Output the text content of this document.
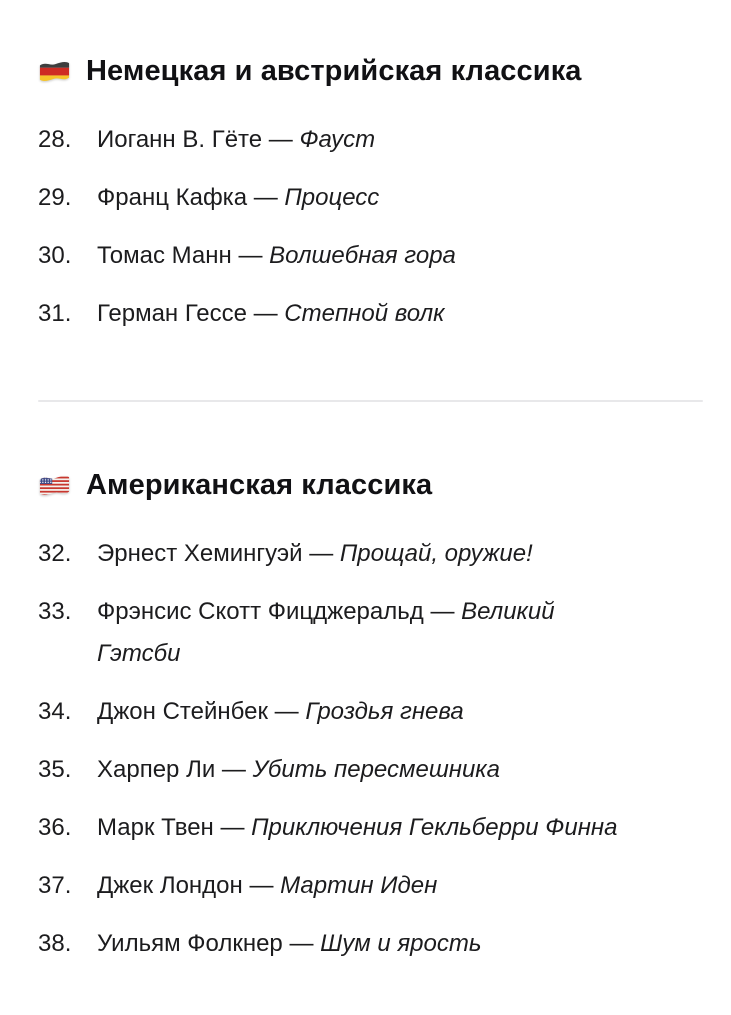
Немецкая и австрийская классика
28.	Иоганн В. Гёте — Фауст
29.	Франц Кафка — Процесс
30.	Томас Манн — Волшебная гора
31.	Герман Гессе — Степной волк
Американская классика
32.	Эрнест Хемингуэй — Прощай, оружие!
33.	Фрэнсис Скотт Фицджеральд — Великий Гэтсби
34.	Джон Стейнбек — Гроздья гнева
35.	Харпер Ли — Убить пересмешника
36.	Марк Твен — Приключения Гекльберри Финна
37.	Джек Лондон — Мартин Иден
38.	Уильям Фолкнер — Шум и ярость
